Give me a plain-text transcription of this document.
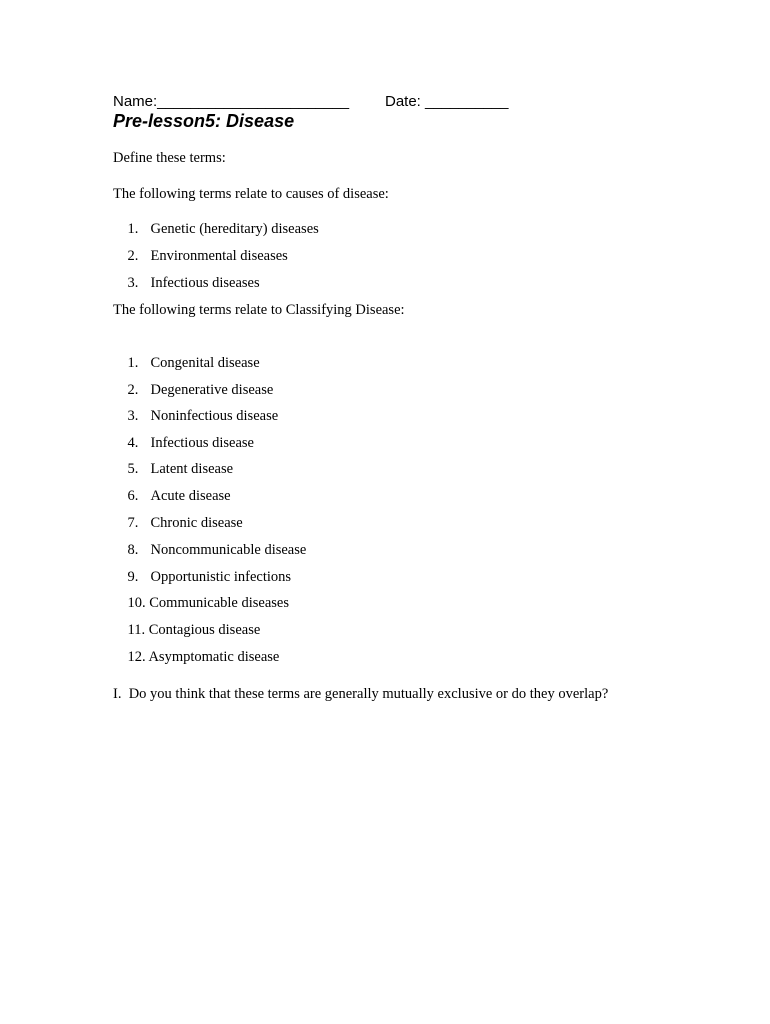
Name:_______________________ Date: __________
Pre-lesson5: Disease
Define these terms:
The following terms relate to causes of disease:

1. Genetic (hereditary) diseases

2. Environmental diseases

3. Infectious diseases

The following terms relate to Classifying Disease:

1. Congenital disease

2. Degenerative disease

3. Noninfectious disease

4. Infectious disease

5. Latent disease

6. Acute disease

7. Chronic disease

8. Noncommunicable disease

9. Opportunistic infections

10. Communicable diseases

11. Contagious disease

12. Asymptomatic disease

I.  Do you think that these terms are generally mutually exclusive or do they overlap?
